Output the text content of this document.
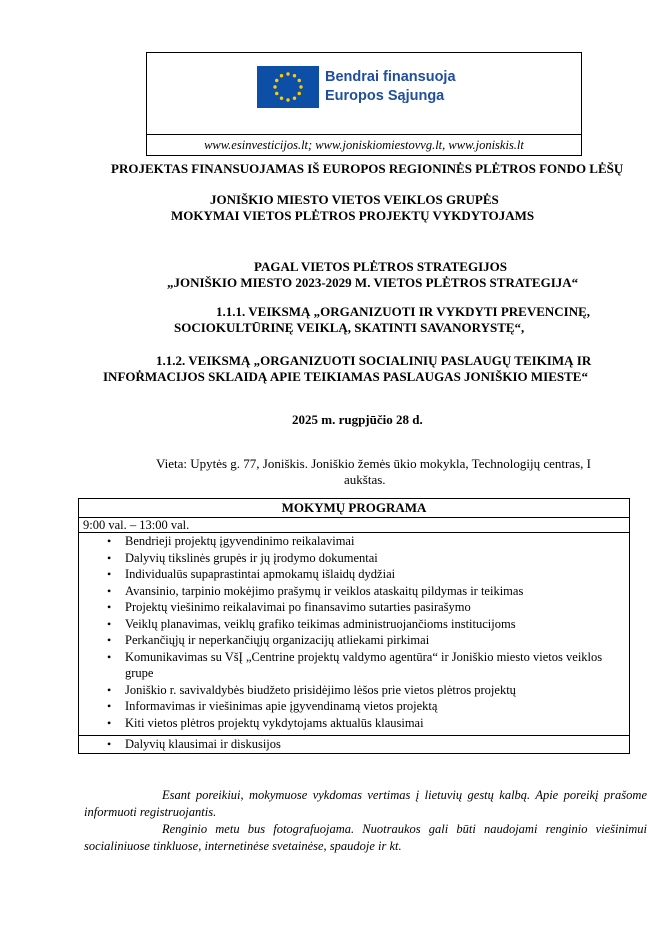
Bendrai finansuoja
Europos Sąjunga
www.esinvesticijos.lt; www.joniskiomiestovvg.lt, www.joniskis.lt
PROJEKTAS FINANSUOJAMAS IŠ EUROPOS REGIONINĖS PLĖTROS FONDO LĖŠŲ
JONIŠKIO MIESTO VIETOS VEIKLOS GRUPĖS
MOKYMAI VIETOS PLĖTROS PROJEKTŲ VYKDYTOJAMS
PAGAL VIETOS PLĖTROS STRATEGIJOS
„JONIŠKIO MIESTO 2023-2029 M. VIETOS PLĖTROS STRATEGIJA“
1.1.1. VEIKSMĄ „ORGANIZUOTI IR VYKDYTI PREVENCINĘ,
SOCIOKULTŪRINĘ VEIKLĄ, SKATINTI SAVANORYSTĘ“,
1.1.2. VEIKSMĄ „ORGANIZUOTI SOCIALINIŲ PASLAUGŲ TEIKIMĄ IR
INFOṘMACIJOS SKLAIDĄ APIE TEIKIAMAS PASLAUGAS JONIŠKIO MIESTE“
2025 m. rugpjūčio 28 d.
Vieta: Upytės g. 77, Joniškis. Joniškio žemės ūkio mokykla, Technologijų centras, I
aukštas.
MOKYMŲ PROGRAMA
9:00 val. – 13:00 val.
• Bendrieji projektų įgyvendinimo reikalavimai
• Dalyvių tikslinės grupės ir jų įrodymo dokumentai
• Individualūs supaprastintai apmokamų išlaidų dydžiai
• Avansinio, tarpinio mokėjimo prašymų ir veiklos ataskaitų pildymas ir teikimas
• Projektų viešinimo reikalavimai po finansavimo sutarties pasirašymo
• Veiklų planavimas, veiklų grafiko teikimas administruojančioms institucijoms
• Perkančiųjų ir neperkančiųjų organizacijų atliekami pirkimai
• Komunikavimas su VšĮ „Centrine projektų valdymo agentūra“ ir Joniškio miesto vietos veiklos grupe
• Joniškio r. savivaldybės biudžeto prisidėjimo lėšos prie vietos plėtros projektų
• Informavimas ir viešinimas apie įgyvendinamą vietos projektą
• Kiti vietos plėtros projektų vykdytojams aktualūs klausimai
• Dalyvių klausimai ir diskusijos

Esant poreikiui, mokymuose vykdomas vertimas į lietuvių gestų kalbą. Apie poreikį prašome informuoti registruojantis.

Renginio metu bus fotografuojama. Nuotraukos gali būti naudojami renginio viešinimui socialiniuose tinkluose, internetinėse svetainėse, spaudoje ir kt.
